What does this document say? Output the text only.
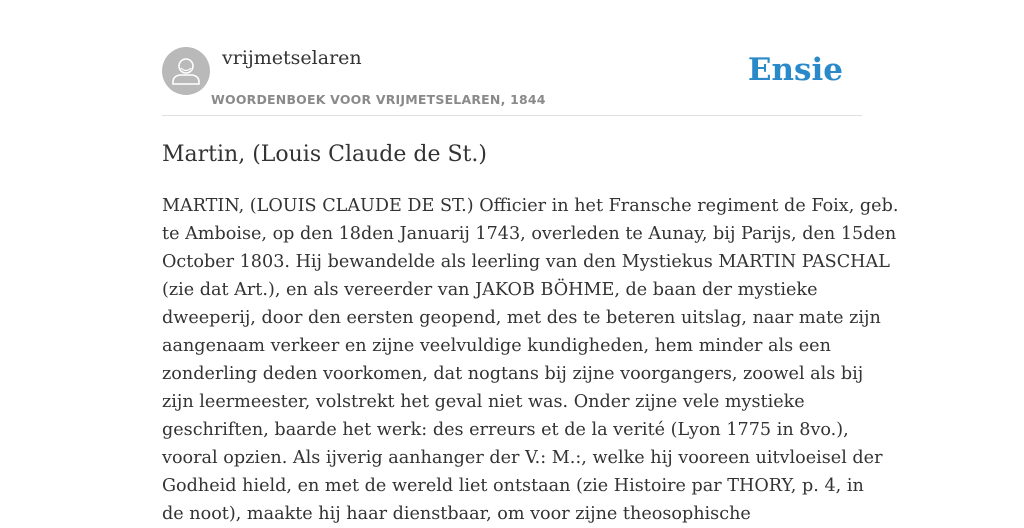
vrijmetselaren
WOORDENBOEK VOOR VRIJMETSELAREN, 1844
Ensie
Martin, (Louis Claude de St.)
MARTIN, (LOUIS CLAUDE DE ST.) Officier in het Fransche regiment de Foix, geb.
te Amboise, op den 18den Januarij 1743, overleden te Aunay, bij Parijs, den 15den
October 1803. Hij bewandelde als leerling van den Mystiekus MARTIN PASCHAL
(zie dat Art.), en als vereerder van JAKOB BÖHME, de baan der mystieke
dweeperij, door den eersten geopend, met des te beteren uitslag, naar mate zijn
aangenaam verkeer en zijne veelvuldige kundigheden, hem minder als een
zonderling deden voorkomen, dat nogtans bij zijne voorgangers, zoowel als bij
zijn leermeester, volstrekt het geval niet was. Onder zijne vele mystieke
geschriften, baarde het werk: des erreurs et de la verité (Lyon 1775 in 8vo.),
vooral opzien. Als ijverig aanhanger der V.: M.:, welke hij vooreen uitvloeisel der
Godheid hield, en met de wereld liet ontstaan (zie Histoire par THORY, p. 4, in
de noot), maakte hij haar dienstbaar, om voor zijne theosophische
